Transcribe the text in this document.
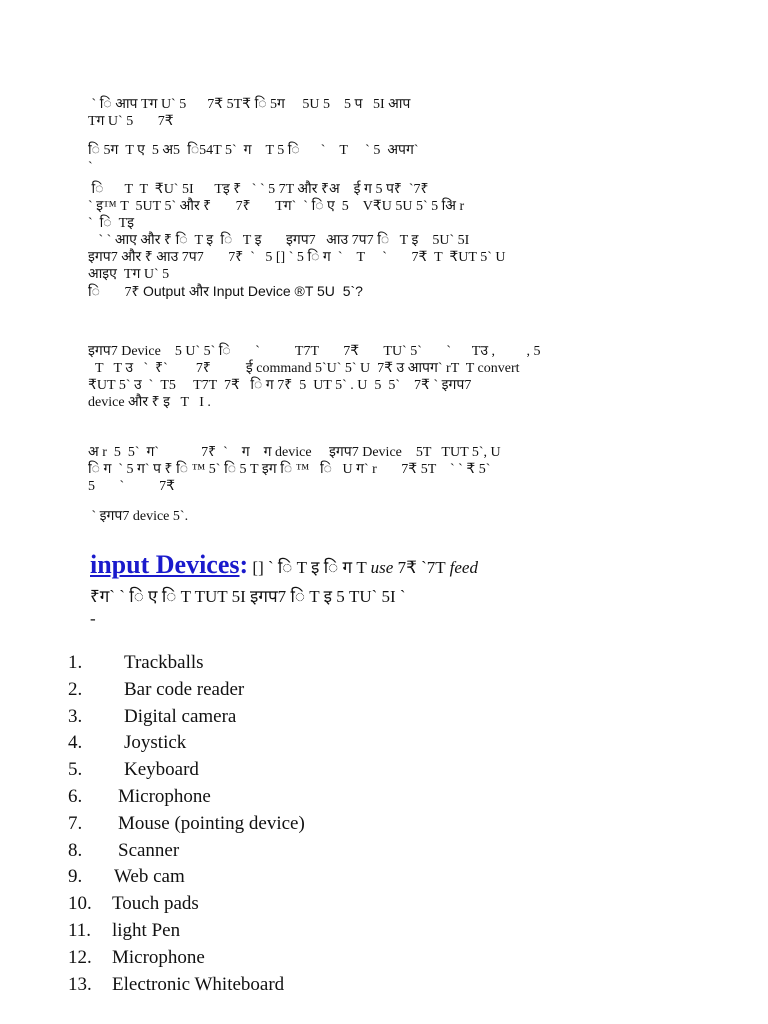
` ि आप Tग U` 5      7₹ 5T₹ ि 5ग     5U 5    5 प   5I आप
Tग U` 5       7₹
ि 5ग  T ए  5 अ5  ि54T 5`  ग    T 5 ि      `    T     ` 5  अपग`
`
ि      T  T  ₹U` 5I      Tइ ₹   ` ` 5 7T और ₹अ    ई ग 5 प₹  `7₹
` इ™ T  5UT 5` और ₹       7₹       Tग`  ` ि ए  5    V₹U 5U 5` 5 अि r
`  ि  Tइ
` ` आए और ₹ ि  T इ  ि   T इ       इगप7   आउ 7प7 ि   T इ    5U` 5I
इगप7 और ₹ आउ 7प7       7₹  `   5 [] ` 5 ि ग  `    T     `       7₹  T  ₹UT 5` U
आइए  Tग U` 5
ि       7₹ Output और Input Device ®T 5U  5`?
इगप7 Device    5 U` 5` ि       `          T7T       7₹       TU` 5`       `      Tउ ,         , 5
T   T उ   `  ₹`        7₹          ई command 5`U` 5` U  7₹ उ आपग` rT  T convert
₹UT 5` उ  `  T5     T7T  7₹   ि ग 7₹  5  UT 5` . U  5  5`    7₹ ` इगप7
device और ₹ इ   T   I .
अ r  5  5`  ग`            7₹  `    ग    ग device     इगप7 Device    5T   TUT 5`, U
ि ग  ` 5 ग` प ₹ ि ™ 5` ि 5 T इग ि ™   ि   U ग` r       7₹ 5T    ` ` ₹ 5`
5       `          7₹
` इगप7 device 5`.
input Devices: [] ` ि T इ ि ग T use 7₹ `7T feed
₹ग` ` ि ए ि T TUT 5I इगप7 ि T इ 5 TU` 5I `
-
1.	Trackballs
2.	Bar code reader
3.	Digital camera
4.	Joystick
5.	Keyboard
6.	Microphone
7.	Mouse (pointing device)
8.	Scanner
9.	Web cam
10.	Touch pads
11.	light Pen
12.	Microphone
13.	Electronic Whiteboard
